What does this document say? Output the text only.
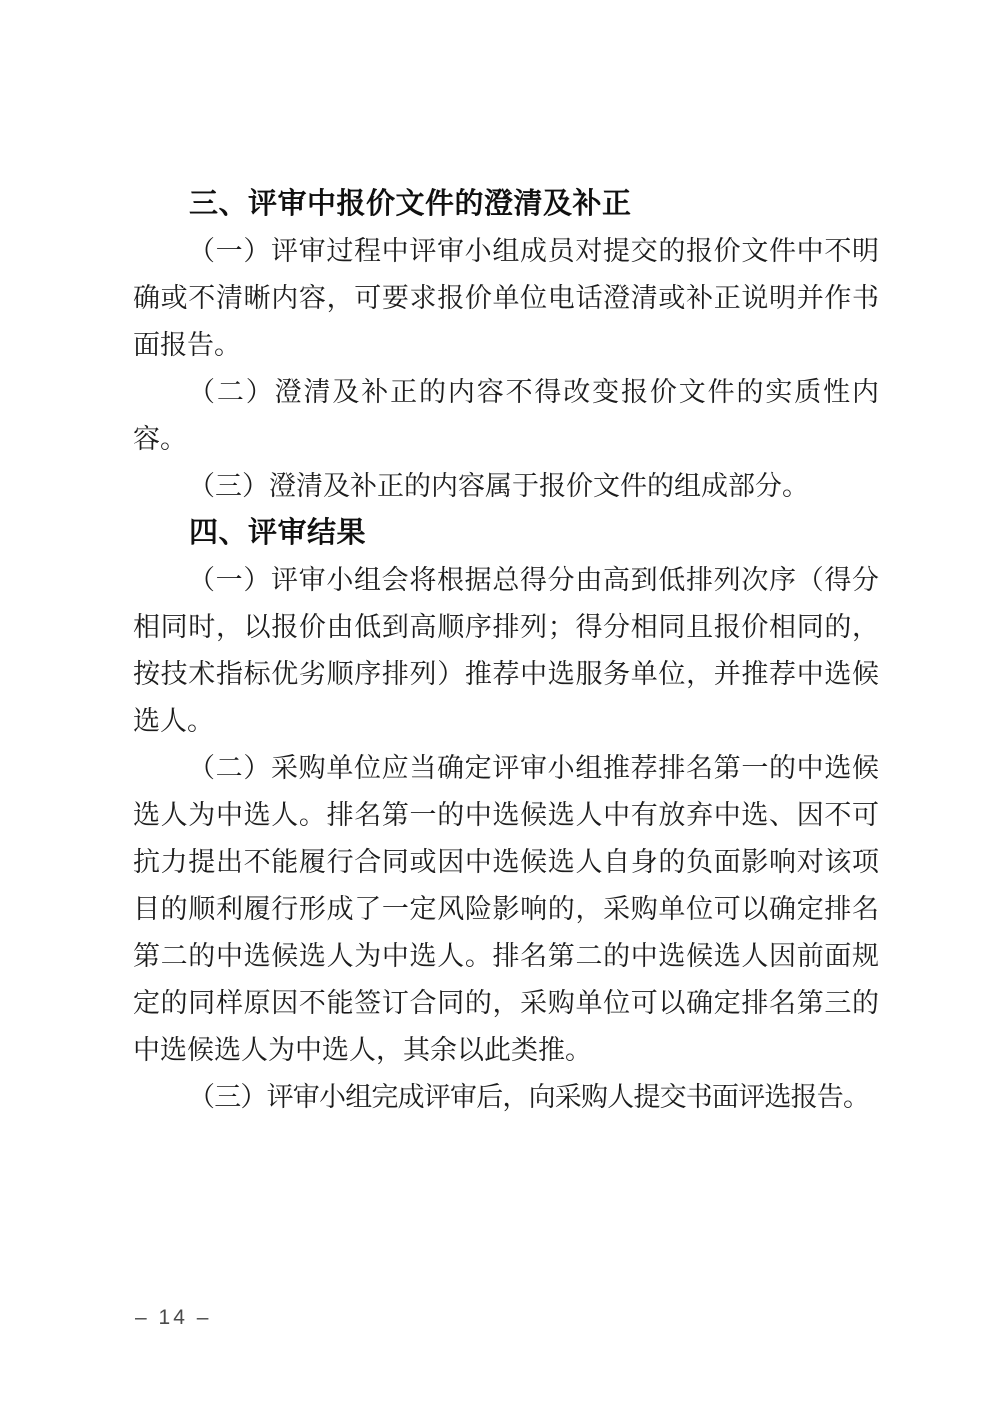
三、评审中报价文件的澄清及补正

（一）评审过程中评审小组成员对提交的报价文件中不明确或不清晰内容，可要求报价单位电话澄清或补正说明并作书面报告。

（二）澄清及补正的内容不得改变报价文件的实质性内容。

（三）澄清及补正的内容属于报价文件的组成部分。

四、评审结果

（一）评审小组会将根据总得分由高到低排列次序（得分相同时，以报价由低到高顺序排列；得分相同且报价相同的，按技术指标优劣顺序排列）推荐中选服务单位，并推荐中选候选人。

（二）采购单位应当确定评审小组推荐排名第一的中选候选人为中选人。排名第一的中选候选人中有放弃中选、因不可抗力提出不能履行合同或因中选候选人自身的负面影响对该项目的顺利履行形成了一定风险影响的，采购单位可以确定排名第二的中选候选人为中选人。排名第二的中选候选人因前面规定的同样原因不能签订合同的，采购单位可以确定排名第三的中选候选人为中选人，其余以此类推。

（三）评审小组完成评审后，向采购人提交书面评选报告。

– 14 –
